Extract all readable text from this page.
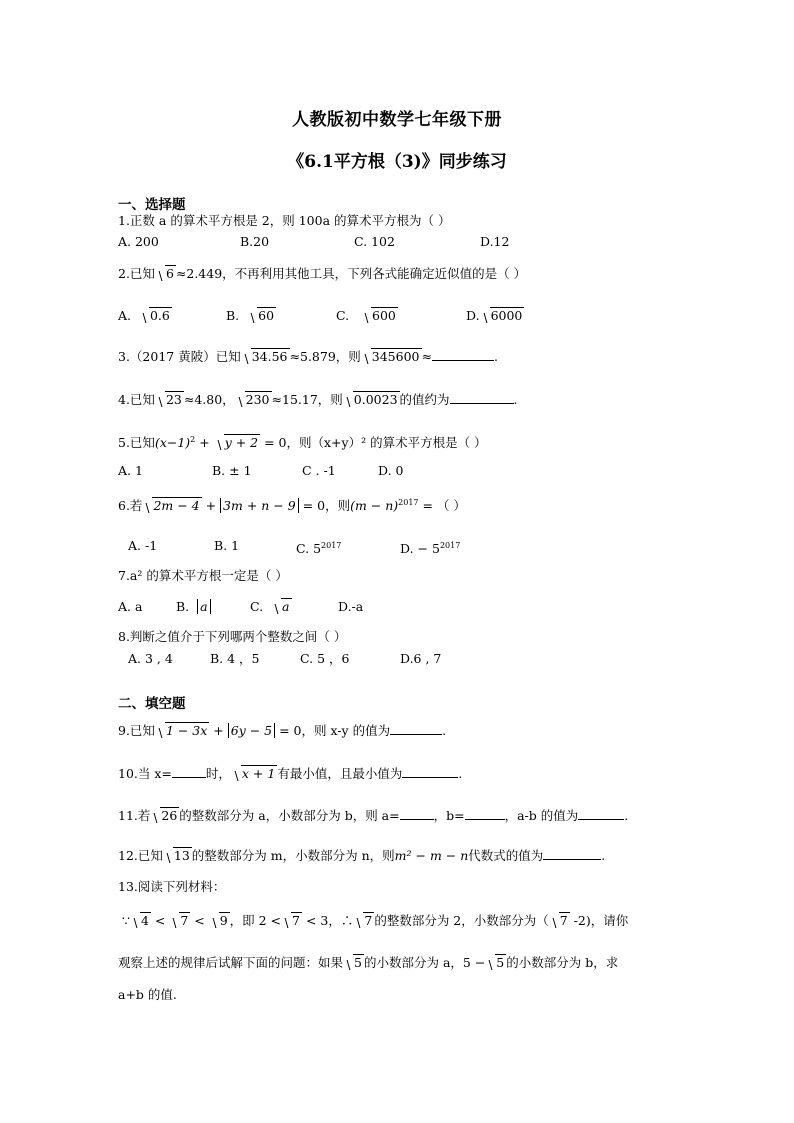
人教版初中数学七年级下册
《6.1平方根（3)》同步练习
一、选择题
1.正数 a 的算术平方根是 2，则 100a 的算术平方根为（ ）
A. 200	B.20	C. 102	D.12
2.已知 6 ≈2.449，不再利用其他工具，下列各式能确定近似值的是（ ）
A. 0.6	B. 60	C. 600	D. 6000
3.（2017 黄陂）已知 34.56 ≈5.879，则 345600 ≈	.
4.已知 23 ≈4.80， 230 ≈15.17，则 0.0023 的值约为	.
5.已知$(x-1)^2 + y + 2 = 0$，则（x+y）² 的算术平方根是（ ）
A. 1	B. ± 1	C . -1	D. 0
6.若 2m − 4 + 3m + n − 9 = 0，则$(m - n)^{2017}$ = （ ）
A. -1	B. 1	C. $5^{2017}$	D. − $5^{2017}$
7.a² 的算术平方根一定是（ ）
A. a	B. a	C. a	D.-a
8.判断之值介于下列哪两个整数之间（ ）
A. 3 , 4	B. 4 ，5	C. 5 ，6	D.6 , 7
二、填空题
9.已知 1 − 3x + 6y − 5 = 0，则 x-y 的值为	.
10.当 x=	时， x + 1 有最小值，且最小值为	.
11.若 26 的整数部分为 a，小数部分为 b，则 a=	，b=	，a-b 的值为	.
12.已知 13 的整数部分为 m，小数部分为 n，则m² − m − n代数式的值为	.
13.阅读下列材料：
∵ 4 < 7 < 9 ，即 2 < 7 < 3，∴ 7 的整数部分为 2，小数部分为（ 7 -2)，请你
观察上述的规律后试解下面的问题：如果 5 的小数部分为 a，5 − 5 的小数部分为 b，求
a+b 的值.
